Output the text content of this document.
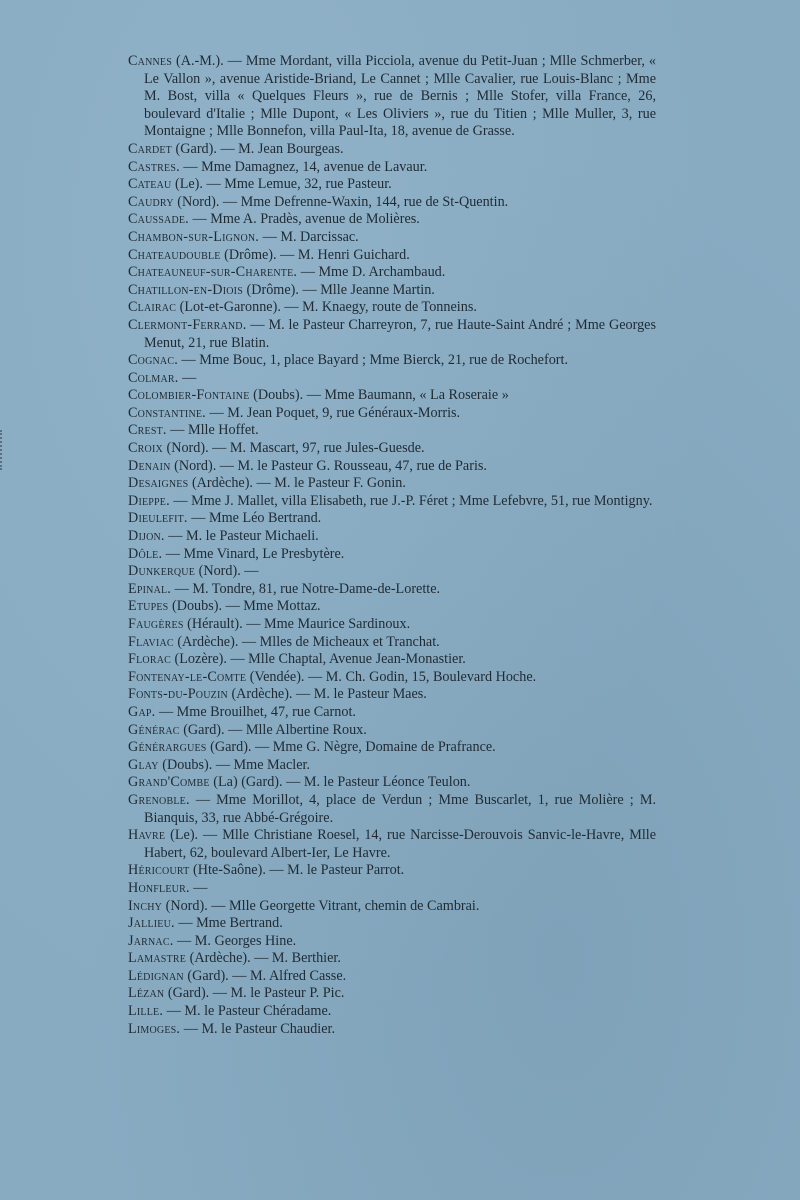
Cannes (A.-M.). — Mme Mordant, villa Picciola, avenue du Petit-Juan ; Mlle Schmerber, « Le Vallon », avenue Aristide-Briand, Le Cannet ; Mlle Cavalier, rue Louis-Blanc ; Mme M. Bost, villa « Quelques Fleurs », rue de Bernis ; Mlle Stofer, villa France, 26, boulevard d'Italie ; Mlle Dupont, « Les Oliviers », rue du Titien ; Mlle Muller, 3, rue Montaigne ; Mlle Bonnefon, villa Paul-Ita, 18, avenue de Grasse.

Cardet (Gard). — M. Jean Bourgeas.

Castres. — Mme Damagnez, 14, avenue de Lavaur.

Cateau (Le). — Mme Lemue, 32, rue Pasteur.

Caudry (Nord). — Mme Defrenne-Waxin, 144, rue de St-Quentin.

Caussade. — Mme A. Pradès, avenue de Molières.

Chambon-sur-Lignon. — M. Darcissac.

Chateaudouble (Drôme). — M. Henri Guichard.

Chateauneuf-sur-Charente. — Mme D. Archambaud.

Chatillon-en-Diois (Drôme). — Mlle Jeanne Martin.

Clairac (Lot-et-Garonne). — M. Knaegy, route de Tonneins.

Clermont-Ferrand. — M. le Pasteur Charreyron, 7, rue Haute-Saint André ; Mme Georges Menut, 21, rue Blatin.

Cognac. — Mme Bouc, 1, place Bayard ; Mme Bierck, 21, rue de Rochefort.

Colmar. —

Colombier-Fontaine (Doubs). — Mme Baumann, « La Roseraie »

Constantine. — M. Jean Poquet, 9, rue Généraux-Morris.

Crest. — Mlle Hoffet.

Croix (Nord). — M. Mascart, 97, rue Jules-Guesde.

Denain (Nord). — M. le Pasteur G. Rousseau, 47, rue de Paris.

Desaignes (Ardèche). — M. le Pasteur F. Gonin.

Dieppe. — Mme J. Mallet, villa Elisabeth, rue J.-P. Féret ; Mme Lefebvre, 51, rue Montigny.

Dieulefit. — Mme Léo Bertrand.

Dijon. — M. le Pasteur Michaeli.

Dôle. — Mme Vinard, Le Presbytère.

Dunkerque (Nord). —

Epinal. — M. Tondre, 81, rue Notre-Dame-de-Lorette.

Etupes (Doubs). — Mme Mottaz.

Faugères (Hérault). — Mme Maurice Sardinoux.

Flaviac (Ardèche). — Mlles de Micheaux et Tranchat.

Florac (Lozère). — Mlle Chaptal, Avenue Jean-Monastier.

Fontenay-le-Comte (Vendée). — M. Ch. Godin, 15, Boulevard Hoche.

Fonts-du-Pouzin (Ardèche). — M. le Pasteur Maes.

Gap. — Mme Brouilhet, 47, rue Carnot.

Générac (Gard). — Mlle Albertine Roux.

Générargues (Gard). — Mme G. Nègre, Domaine de Prafrance.

Glay (Doubs). — Mme Macler.

Grand'Combe (La) (Gard). — M. le Pasteur Léonce Teulon.

Grenoble. — Mme Morillot, 4, place de Verdun ; Mme Buscarlet, 1, rue Molière ; M. Bianquis, 33, rue Abbé-Grégoire.

Havre (Le). — Mlle Christiane Roesel, 14, rue Narcisse-Derouvois Sanvic-le-Havre, Mlle Habert, 62, boulevard Albert-Ier, Le Havre.

Héricourt (Hte-Saône). — M. le Pasteur Parrot.

Honfleur. —

Inchy (Nord). — Mlle Georgette Vitrant, chemin de Cambrai.

Jallieu. — Mme Bertrand.

Jarnac. — M. Georges Hine.

Lamastre (Ardèche). — M. Berthier.

Lédignan (Gard). — M. Alfred Casse.

Lézan (Gard). — M. le Pasteur P. Pic.

Lille. — M. le Pasteur Chéradame.

Limoges. — M. le Pasteur Chaudier.
